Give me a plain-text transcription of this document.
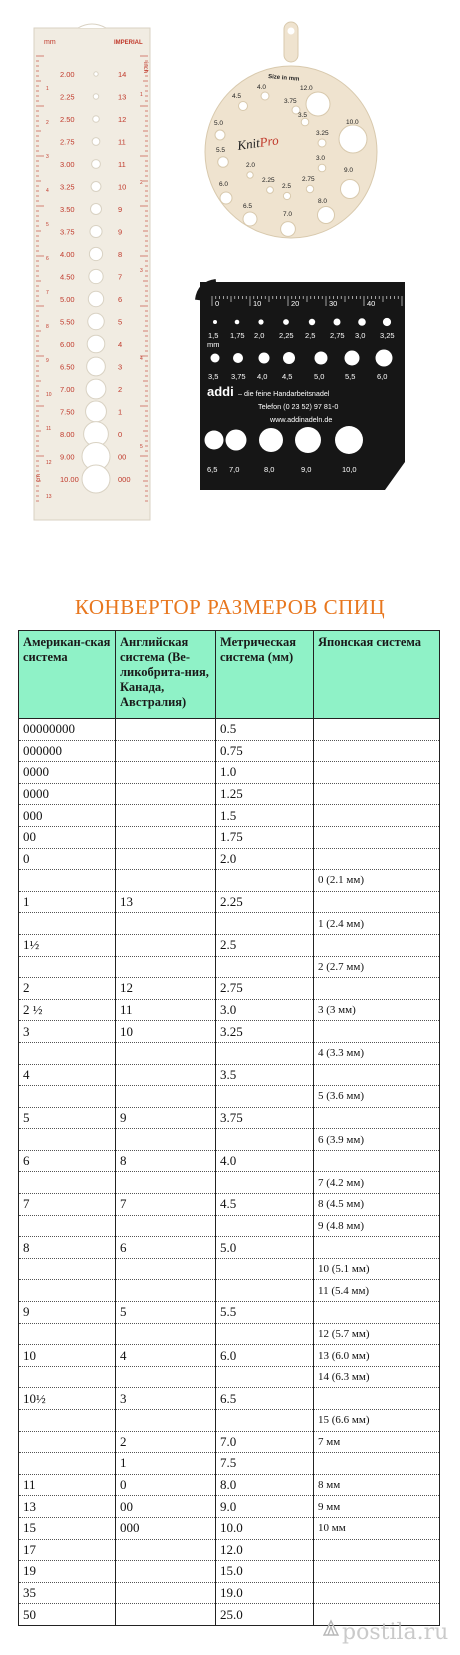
mm	IMPERIAL
inch
cm
1
2
3
4
5
6
7
8
9
10
11
12
13
1
2
3
4
5
2.00	14
2.25	13
2.50	12
2.75	11
3.00	11
3.25	10
3.50	9
3.75	9
4.00	8
4.50	7
5.00	6
5.50	5
6.00	4
6.50	3
7.00	2
7.50	1
8.00	0
9.00	00
10.00	000
Size in mm
KnitPro
12.0
4.0
4.5
3.75
3.5
10.0
5.0
3.25
5.5
2.0
3.0
9.0
2.25
2.5
2.75
6.0
8.0
6.5
7.0
0	10	20	30	40	50
mm
1,5 1,75 2,0 2,25 2,5 2,75 3,0 3,25
3,5 3,75 4,0 4,5	5,0	5,5	6,0
6,5 7,0	8,0	9,0	10,0
addi – die feine Handarbeitsnadel
Telefon (0 23 52) 97 81-0
www.addinadeln.de
КОНВЕРТОР РАЗМЕРОВ СПИЦ
Американ-ская система	Английская система (Ве-ликобрита-ния, Канада, Австралия)	Метрическая система (мм)	Японская система
00000000		0.5	
000000		0.75	
0000		1.0	
0000		1.25	
000		1.5	
00		1.75	
0		2.0	
			0 (2.1 мм)
1	13	2.25	
			1 (2.4 мм)
1½		2.5	
			2 (2.7 мм)
2	12	2.75	
2 ½	11	3.0	3 (3 мм)
3	10	3.25	
			4 (3.3 мм)
4		3.5	
			5 (3.6 мм)
5	9	3.75	
			6 (3.9 мм)
6	8	4.0	
			7 (4.2 мм)
7	7	4.5	8 (4.5 мм)
			9 (4.8 мм)
8	6	5.0	
			10 (5.1 мм)
			11 (5.4 мм)
9	5	5.5	
			12 (5.7 мм)
10	4	6.0	13 (6.0 мм)
			14 (6.3 мм)
10½	3	6.5	
			15 (6.6 мм)
	2	7.0	7 мм
	1	7.5	
11	0	8.0	8 мм
13	00	9.0	9 мм
15	000	10.0	10 мм
17		12.0	
19		15.0	
35		19.0	
50		25.0	
postila.ru
